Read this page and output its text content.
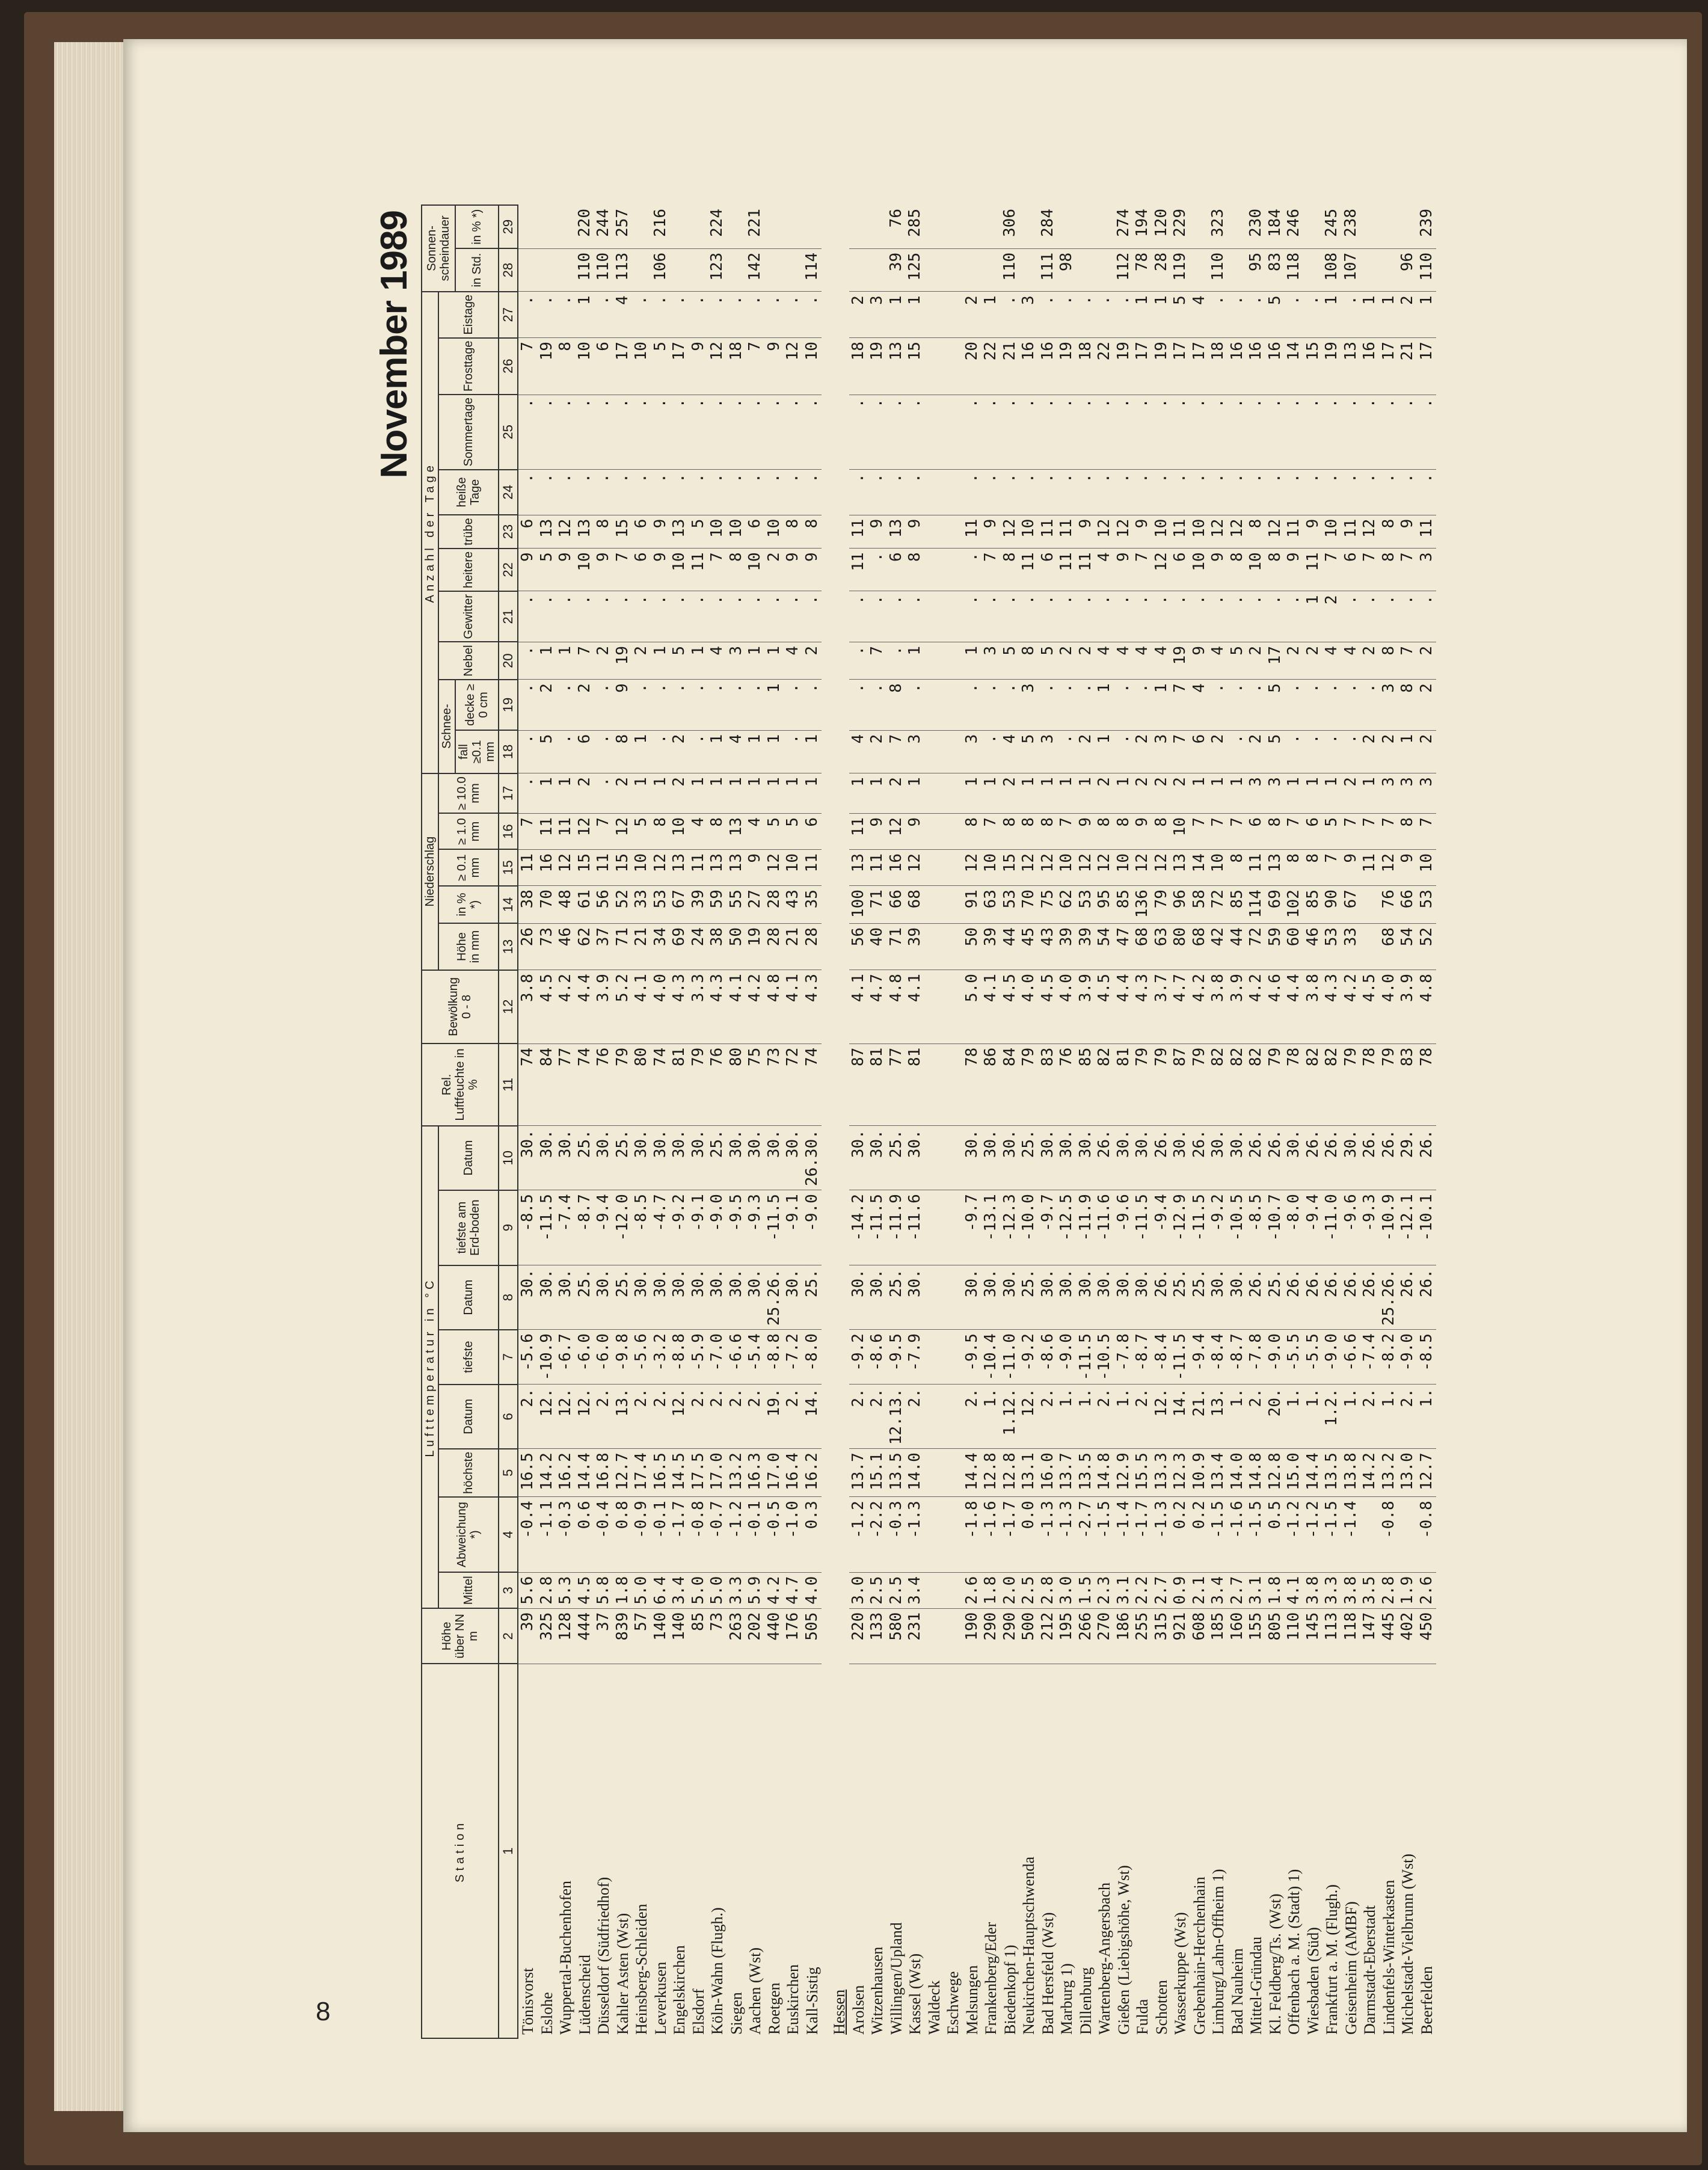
8
November 1989
Station	Höhe über NN m	Lufttemperatur in °C								Rel. Luftfeuchte in %	Bewölkung 0 - 8	Niederschlag					Anzahl der Tage										Sonnen-scheindauer	
		Mittel	Abweichung *)	höchste	Datum	tiefste	Datum	tiefste am Erd-boden	Datum			Höhe in mm	in % *)	≥ 0.1 mm	≥ 1.0 mm	≥ 10.0 mm	Schnee-		Nebel	Gewitter	heitere	trübe	heiße Tage	Sommertage	Frosttage	Eistage		
																	fall ≥0.1 mm	decke ≥ 0 cm									in Std.	in % *)
1	2	3	4	5	6	7	8	9	10	11	12	13	14	15	16	17	18	19	20	21	22	23	24	25	26	27	28	29
Tönisvorst	39	5.6	-0.4	16.5	2.	-5.6	30.	-8.5	30.	74	3.8	26	38	11	7	.	.	.	.	.	9	6	.	.	7	.		
Eslohe	325	2.8	-1.1	14.2	12.	-10.9	30.	-11.5	30.	84	4.5	73	70	16	11	1	5	2	1	.	5	13	.	.	19	.		
Wuppertal-Buchenhofen	128	5.3	-0.3	16.2	12.	-6.7	30.	-7.4	30.	77	4.2	46	48	12	11	1	.	.	1	.	9	12	.	.	8	.		
Lüdenscheid	444	4.5	0.6	14.4	12.	-6.0	25.	-8.7	25.	74	4.4	62	61	15	12	2	6	2	7	.	10	13	.	.	10	1	110	220
Düsseldorf (Südfriedhof)	37	5.8	-0.4	16.8	2.	-6.0	30.	-9.4	30.	76	3.9	37	56	11	7	.	.	.	2	.	9	8	.	.	6	.	110	244
Kahler Asten (Wst)	839	1.8	0.8	12.7	13.	-9.8	25.	-12.0	25.	79	5.2	71	52	15	12	2	8	9	19	.	7	15	.	.	17	4	113	257
Heinsberg-Schleiden	57	5.0	-0.9	17.4	2.	-5.6	30.	-8.5	30.	80	4.1	21	33	10	5	1	1	.	2	.	6	6	.	.	10	.		
Leverkusen	140	6.4	-0.1	16.5	2.	-3.2	30.	-4.7	30.	74	4.0	34	53	12	8	1	.	.	1	.	9	9	.	.	5	.	106	216
Engelskirchen	140	3.4	-1.7	14.5	12.	-8.8	30.	-9.2	30.	81	4.3	69	67	13	10	2	2	.	5	.	10	13	.	.	17	.		
Elsdorf	85	5.0	-0.8	17.5	2.	-5.9	30.	-9.1	30.	79	3.3	24	39	11	4	1	.	.	1	.	11	5	.	.	9	.		
Köln-Wahn (Flugh.)	73	5.0	-0.7	17.0	2.	-7.0	30.	-9.0	25.	76	4.3	38	59	13	8	1	1	.	4	.	7	10	.	.	12	.	123	224
Siegen	263	3.3	-1.2	13.2	2.	-6.6	30.	-9.5	30.	80	4.1	50	55	13	13	1	4	.	3	.	8	10	.	.	18	.		
Aachen (Wst)	202	5.9	-0.1	16.3	2.	-5.4	30.	-9.3	30.	75	4.2	19	27	9	4	1	1	.	1	.	10	6	.	.	7	.	142	221
Roetgen	440	4.2	-0.5	17.0	19.	-8.8	25.26.	-11.5	30.	73	4.8	28	28	12	5	1	1	1	1	.	2	10	.	.	9	.		
Euskirchen	176	4.7	-1.0	16.4	2.	-7.2	30.	-9.1	30.	72	4.1	21	43	10	5	1	.	.	4	.	9	8	.	.	12	.		
Kall-Sistig	505	4.0	0.3	16.2	14.	-8.0	25.	-9.0	26.30.	74	4.3	28	35	11	6	1	1	.	2	.	9	8	.	.	10	.	114	
Hessen																												
Arolsen	220	3.0	-1.2	13.7	2.	-9.2	30.	-14.2	30.	87	4.1	56	100	13	11	1	4	.	.	.	11	11	.	.	18	2		
Witzenhausen	133	2.5	-2.2	15.1	2.	-8.6	30.	-11.5	30.	81	4.7	40	71	11	9	1	2	.	7	.	.	9	.	.	19	3		
Willingen/Upland	580	2.5	-0.3	13.5	12.13.	-9.5	25.	-11.9	25.	77	4.8	71	66	16	12	2	7	8	.	.	6	13	.	.	13	1	39	76
Kassel (Wst)	231	3.4	-1.3	14.0	2.	-7.9	30.	-11.6	30.	81	4.1	39	68	12	9	1	3	.	1	.	8	9	.	.	15	1	125	285
Waldeck																												
Eschwege																												
Melsungen	190	2.6	-1.8	14.4	2.	-9.5	30.	-9.7	30.	78	5.0	50	91	12	8	1	3	.	1	.	.	11	.	.	20	2		
Frankenberg/Eder	290	1.8	-1.6	12.8	1.	-10.4	30.	-13.1	30.	86	4.1	39	63	10	7	1	.	.	3	.	7	9	.	.	22	1		
Biedenkopf 1)	290	2.0	-1.7	12.8	1.12.	-11.0	30.	-12.3	30.	84	4.5	44	53	15	8	2	4	.	5	.	8	12	.	.	21	.	110	306
Neukirchen-Hauptschwenda	500	2.5	0.0	13.1	12.	-9.2	25.	-10.0	25.	79	4.0	45	70	12	8	1	5	3	8	.	11	10	.	.	16	3		
Bad Hersfeld (Wst)	212	2.8	-1.3	16.0	2.	-8.6	30.	-9.7	30.	83	4.5	43	75	12	8	1	3	.	5	.	6	11	.	.	16	.	111	284
Marburg 1)	195	3.0	-1.3	13.7	1.	-9.0	30.	-12.5	30.	76	4.0	39	62	10	7	1	.	.	2	.	11	11	.	.	19	.	98	
Dillenburg	266	1.5	-2.7	13.5	1.	-11.5	30.	-11.9	30.	85	3.9	39	53	12	9	1	2	.	2	.	11	9	.	.	18	.		
Wartenberg-Angersbach	270	2.3	-1.5	14.8	2.	-10.5	30.	-11.6	26.	82	4.5	54	95	12	8	2	1	1	4	.	4	12	.	.	22	.		
Gießen (Liebigshöhe, Wst)	186	3.1	-1.4	12.9	1.	-7.8	30.	-9.6	30.	81	4.4	47	85	10	8	1	.	.	4	.	9	12	.	.	19	.	112	274
Fulda	255	2.2	-1.7	15.5	2.	-8.7	30.	-11.5	30.	79	4.3	68	136	12	9	2	2	.	4	.	7	9	.	.	17	1	78	194
Schotten	315	2.7	-1.3	13.3	12.	-8.4	26.	-9.4	26.	79	3.7	63	79	12	8	2	3	1	4	.	12	10	.	.	19	1	28	120
Wasserkuppe (Wst)	921	0.9	0.2	12.3	14.	-11.5	25.	-12.9	30.	87	4.7	80	96	13	10	2	7	7	19	.	6	11	.	.	17	5	119	229
Grebenhain-Herchenhain	608	2.1	0.2	10.9	21.	-9.4	25.	-11.5	26.	79	4.2	68	58	14	7	1	6	4	9	.	10	10	.	.	17	4		
Limburg/Lahn-Offheim 1)	185	3.4	-1.5	13.4	13.	-8.4	30.	-9.2	30.	82	3.8	42	72	10	7	1	2	.	4	.	9	12	.	.	18	.	110	323
Bad Nauheim	160	2.7	-1.6	14.0	1.	-8.7	30.	-10.5	30.	82	3.9	44	85	8	7	1	.	.	5	.	8	12	.	.	16	.		
Mittel-Gründau	155	3.1	-1.5	14.8	2.	-7.8	26.	-8.5	26.	82	4.2	72	114	11	6	3	2	.	2	.	10	8	.	.	16	.	95	230
Kl. Feldberg/Ts. (Wst)	805	1.8	0.5	12.8	20.	-9.0	25.	-10.7	26.	79	4.6	59	69	13	8	3	5	5	17	.	8	12	.	.	16	5	83	184
Offenbach a. M. (Stadt) 1)	110	4.1	-1.2	15.0	1.	-5.5	26.	-8.0	30.	78	4.4	60	102	8	7	1	.	.	2	.	9	11	.	.	14	.	118	246
Wiesbaden (Süd)	145	3.8	-1.2	14.4	1.	-5.5	26.	-9.4	26.	82	3.8	46	85	8	6	1	.	.	2	1	11	9	.	.	15	.		
Frankfurt a. M. (Flugh.)	113	3.3	-1.5	13.5	1.2.	-9.0	26.	-11.0	26.	82	4.3	53	90	7	5	1	.	.	4	2	7	10	.	.	19	1	108	245
Geisenheim (AMBF)	118	3.8	-1.4	13.8	1.	-6.6	26.	-9.6	30.	79	4.2	33	67	9	7	2	.	.	4	.	6	11	.	.	13	.	107	238
Darmstadt-Eberstadt	147	3.5		14.2	2.	-7.4	26.	-9.3	26.	78	4.5			11	7	1	2	.	2	.	7	12	.	.	16	1		
Lindenfels-Winterkasten	445	2.8	-0.8	13.2	1.	-8.2	25.26.	-10.9	26.	79	4.0	68	76	12	7	3	2	3	8	.	8	8	.	.	17	1		
Michelstadt-Vielbrunn (Wst)	402	1.9		13.0	2.	-9.0	26.	-12.1	29.	83	3.9	54	66	9	8	3	1	8	7	.	7	9	.	.	21	2	96	
Beerfelden	450	2.6	-0.8	12.7	1.	-8.5	26.	-10.1	26.	78	4.8	52	53	10	7	3	2	2	2	.	3	11	.	.	17	1	110	239
